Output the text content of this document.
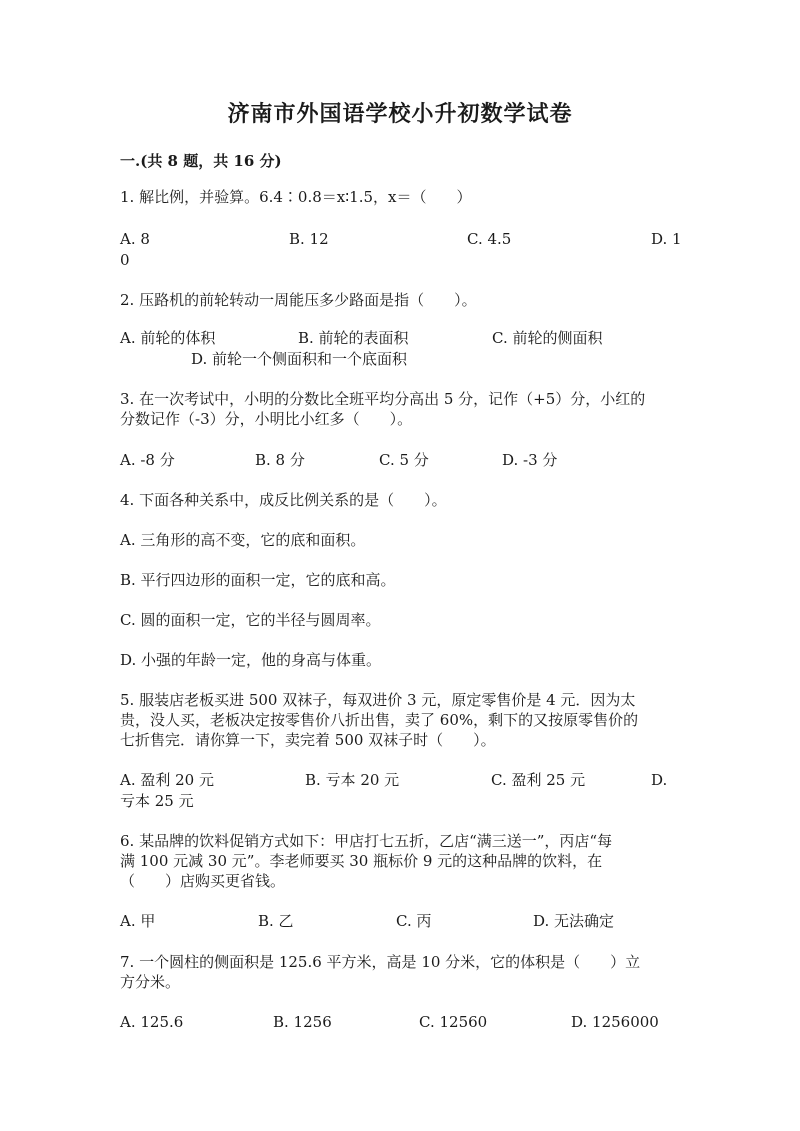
济南市外国语学校小升初数学试卷
一.(共 8 题，共 16 分)
1. 解比例，并验算。6.4∶0.8＝x∶1.5，x＝（　　）
A. 8	B. 12	C. 4.5	D. 1
0
2. 压路机的前轮转动一周能压多少路面是指（　　）。
A. 前轮的体积	B. 前轮的表面积	C. 前轮的侧面积
D. 前轮一个侧面积和一个底面积
3. 在一次考试中，小明的分数比全班平均分高出 5 分，记作（+5）分，小红的
分数记作（-3）分，小明比小红多（　　）。
A. -8 分	B. 8 分	C. 5 分	D. -3 分
4. 下面各种关系中，成反比例关系的是（　　）。
A. 三角形的高不变，它的底和面积。
B. 平行四边形的面积一定，它的底和高。
C. 圆的面积一定，它的半径与圆周率。
D. 小强的年龄一定，他的身高与体重。
5. 服装店老板买进 500 双袜子，每双进价 3 元，原定零售价是 4 元．因为太
贵，没人买，老板决定按零售价八折出售，卖了 60%，剩下的又按原零售价的
七折售完．请你算一下，卖完着 500 双袜子时（　　）。
A. 盈利 20 元	B. 亏本 20 元	C. 盈利 25 元	D.
亏本 25 元
6. 某品牌的饮料促销方式如下：甲店打七五折，乙店“满三送一”，丙店“每
满 100 元减 30 元”。李老师要买 30 瓶标价 9 元的这种品牌的饮料，在
（　　）店购买更省钱。
A. 甲	B. 乙	C. 丙	D. 无法确定
7. 一个圆柱的侧面积是 125.6 平方米，高是 10 分米，它的体积是（　　）立
方分米。
A. 125.6	B. 1256	C. 12560	D. 1256000
